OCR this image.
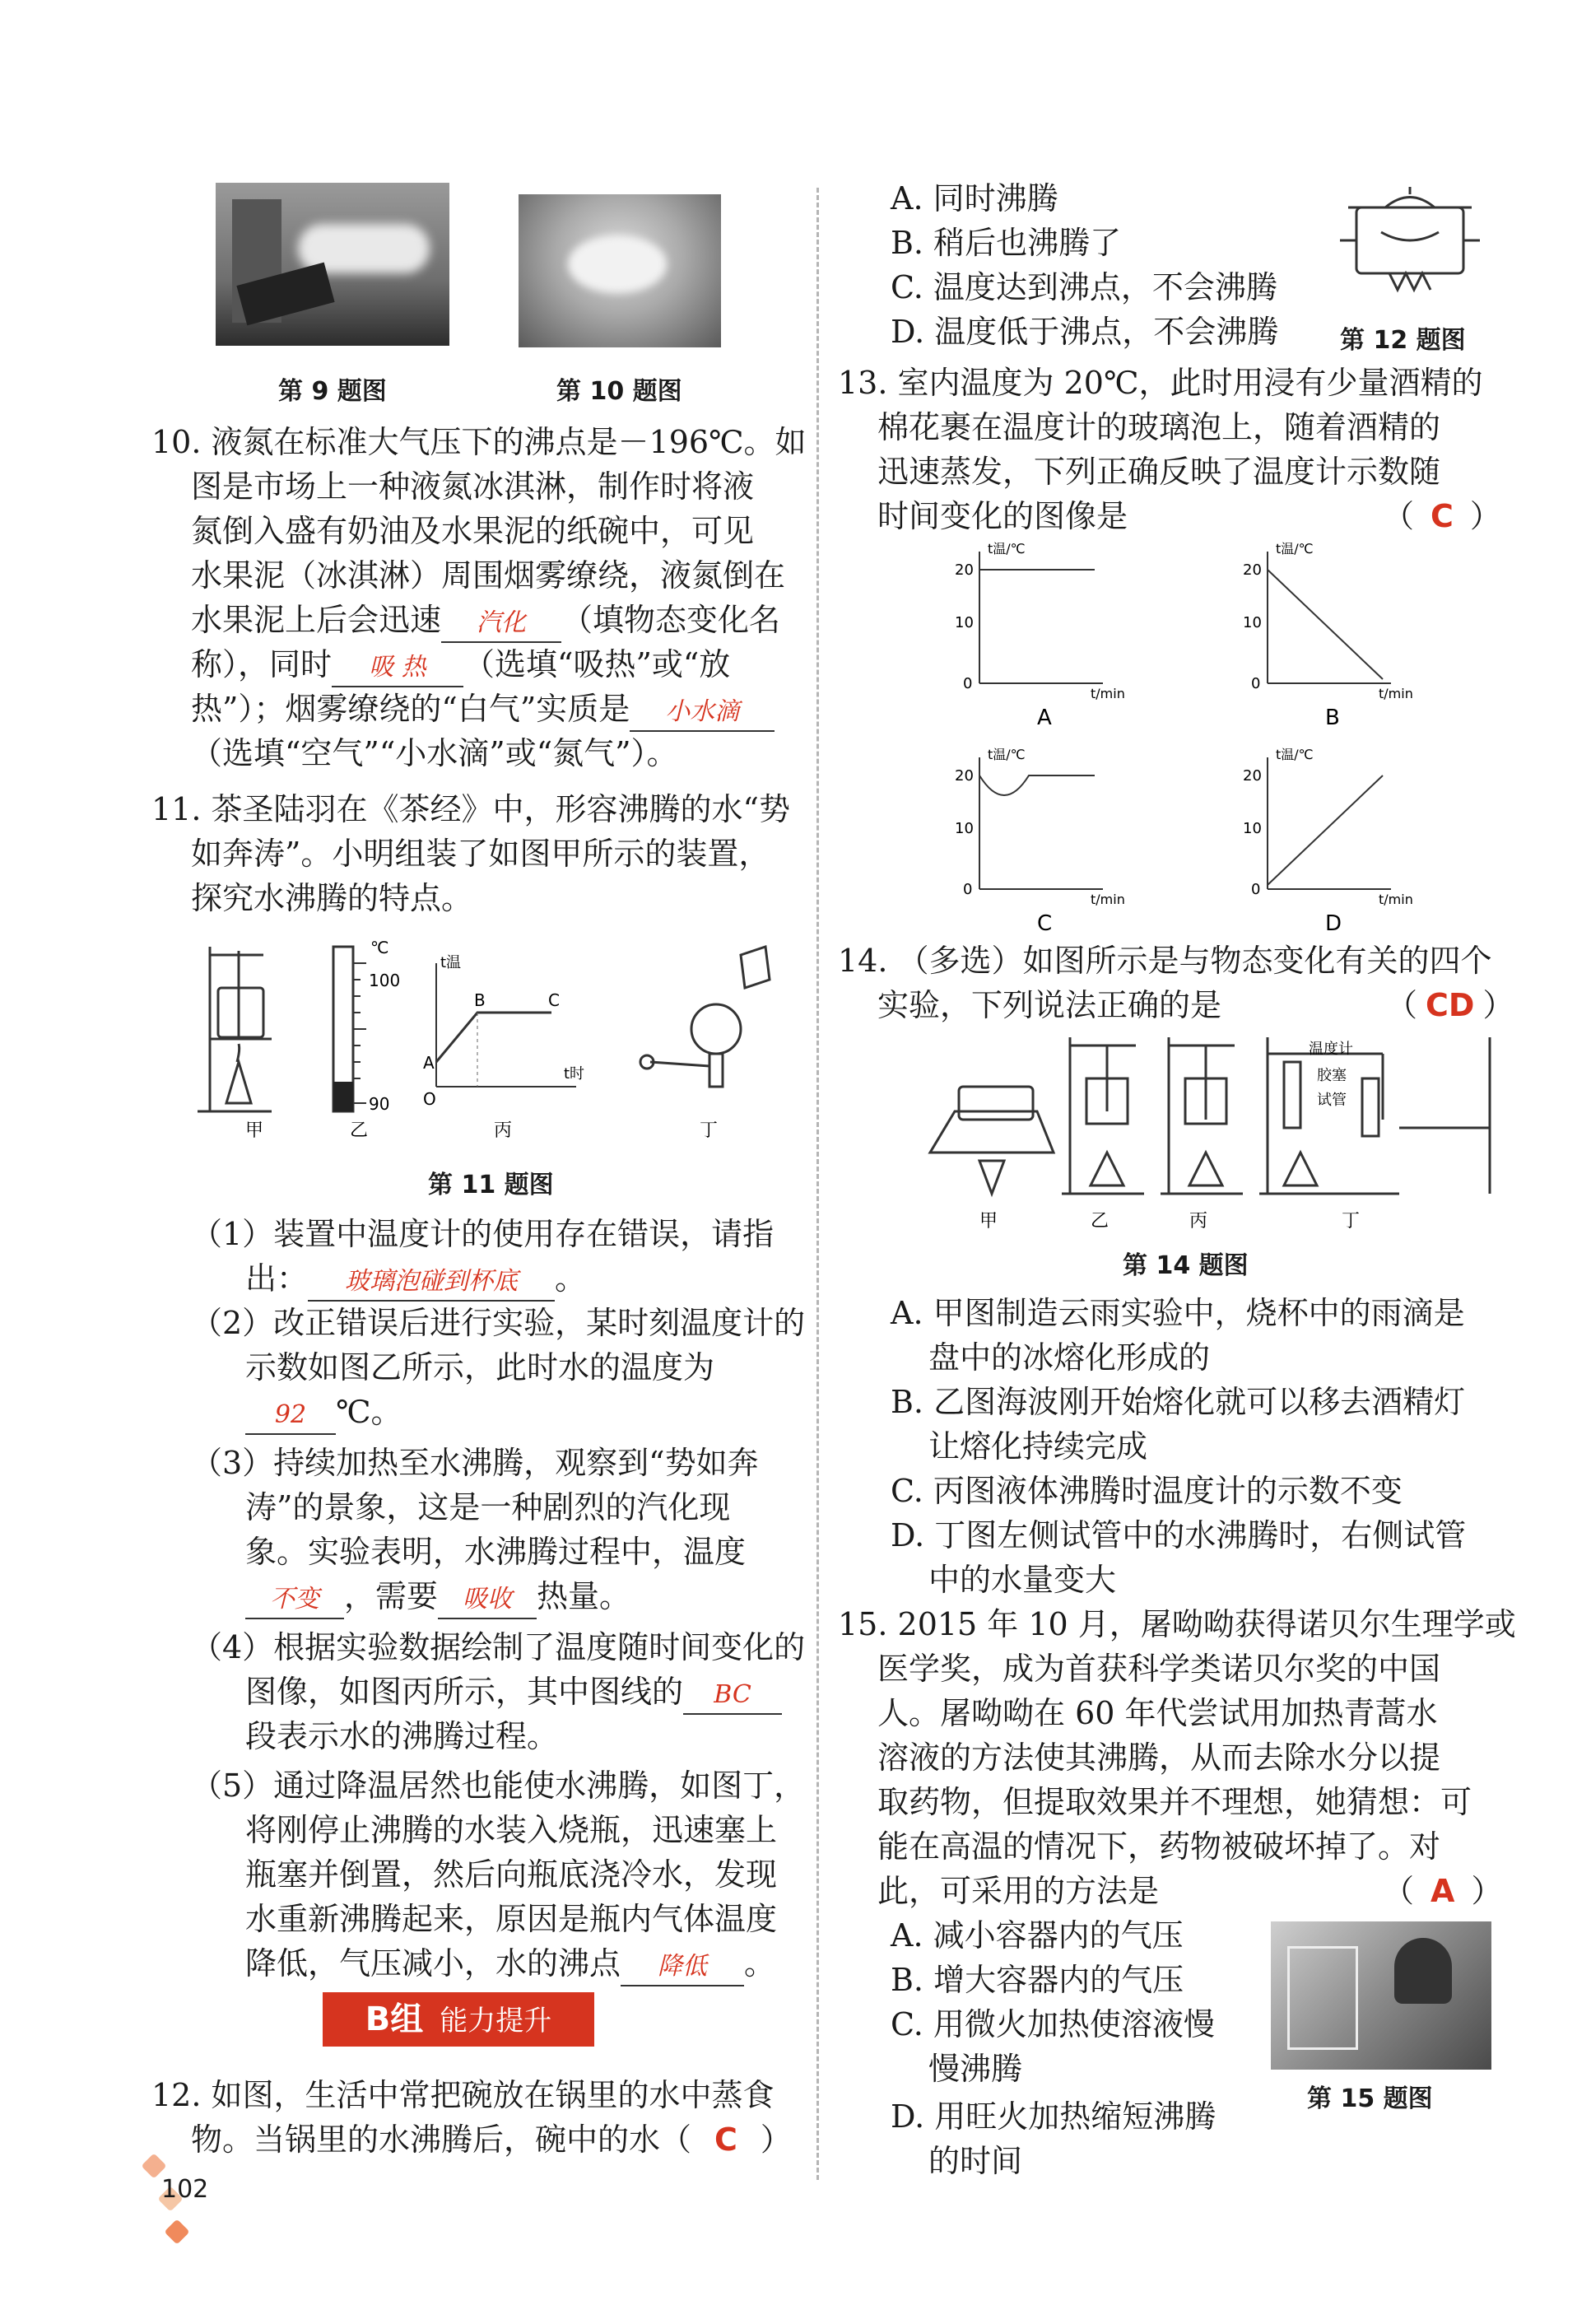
第 9 题图	第 10 题图
10. 液氮在标准大气压下的沸点是－196℃。如
图是市场上一种液氮冰淇淋，制作时将液
氮倒入盛有奶油及水果泥的纸碗中，可见
水果泥（冰淇淋）周围烟雾缭绕，液氮倒在
水果泥上后会迅速 汽化 （填物态变化名
称），同时 吸 热 （选填“吸热”或“放
热”）；烟雾缭绕的“白气”实质是 小水滴
（选填“空气”“小水滴”或“氮气”）。
11. 茶圣陆羽在《茶经》中，形容沸腾的水“势
如奔涛”。小明组装了如图甲所示的装置，
探究水沸腾的特点。
℃
100
90
t温
t时
A
B	C
O
甲	乙	丙	丁
第 11 题图
（1）装置中温度计的使用存在错误，请指
出： 玻璃泡碰到杯底 。
（2）改正错误后进行实验，某时刻温度计的
示数如图乙所示，此时水的温度为
92 ℃。
（3）持续加热至水沸腾，观察到“势如奔
涛”的景象，这是一种剧烈的汽化现
象。实验表明，水沸腾过程中，温度
不变 ，需要 吸收 热量。
（4）根据实验数据绘制了温度随时间变化的
图像，如图丙所示，其中图线的 BC
段表示水的沸腾过程。
（5）通过降温居然也能使水沸腾，如图丁，
将刚停止沸腾的水装入烧瓶，迅速塞上
瓶塞并倒置，然后向瓶底浇冷水，发现
水重新沸腾起来，原因是瓶内气体温度
降低，气压减小，水的沸点 降低 。
B组 能力提升
12. 如图，生活中常把碗放在锅里的水中蒸食
物。当锅里的水沸腾后，碗中的水（ C ）
102
A. 同时沸腾
B. 稍后也沸腾了
C. 温度达到沸点，不会沸腾
D. 温度低于沸点，不会沸腾 第 12 题图
13. 室内温度为 20℃，此时用浸有少量酒精的
棉花裹在温度计的玻璃泡上，随着酒精的
迅速蒸发，下列正确反映了温度计示数随
时间变化的图像是	（ C ）
20
10
0
t温/℃
t/min
A
20
10
0
t温/℃
t/min
B
20
10
0
t温/℃
t/min
C
20
10
0
t温/℃
t/min
D
14. （多选）如图所示是与物态变化有关的四个
实验，下列说法正确的是	（ CD ）
温度计
胶塞
试管
甲	乙	丙	丁
第 14 题图
A. 甲图制造云雨实验中，烧杯中的雨滴是
盘中的冰熔化形成的
B. 乙图海波刚开始熔化就可以移去酒精灯
让熔化持续完成
C. 丙图液体沸腾时温度计的示数不变
D. 丁图左侧试管中的水沸腾时，右侧试管
中的水量变大
15. 2015 年 10 月，屠呦呦获得诺贝尔生理学或
医学奖，成为首获科学类诺贝尔奖的中国
人。屠呦呦在 60 年代尝试用加热青蒿水
溶液的方法使其沸腾，从而去除水分以提
取药物，但提取效果并不理想，她猜想：可
能在高温的情况下，药物被破坏掉了。对
此，可采用的方法是	（ A ）
A. 减小容器内的气压
B. 增大容器内的气压
C. 用微火加热使溶液慢
慢沸腾
D. 用旺火加热缩短沸腾
的时间
第 15 题图
